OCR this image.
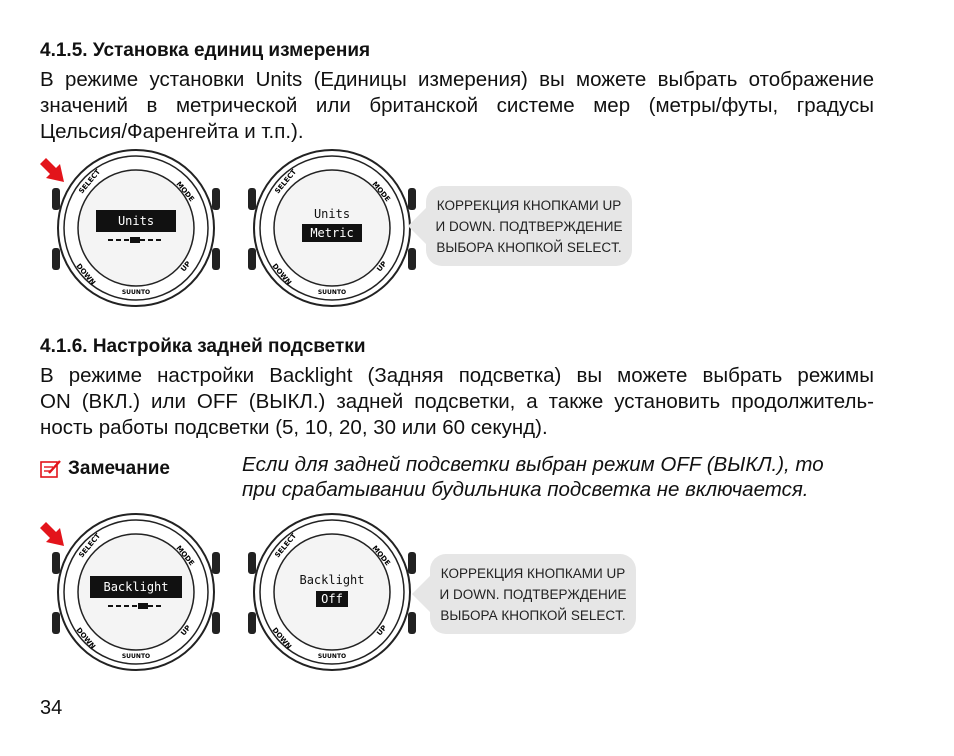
4.1.5. Установка единиц измерения

В режиме установки Units (Единицы измерения) вы можете выбрать отображение
значений в метрической или британской системе мер (метры/футы, градусы
Цельсия/Фаренгейта и т.п.).

SELECT	MODE
DOWN	UP
SUUNTO
Units
SELECT	MODE
DOWN	UP
SUUNTO
Units
Metric
КОРРЕКЦИЯ КНОПКАМИ UP
И DOWN. ПОДТВЕРЖДЕНИЕ
ВЫБОРА КНОПКОЙ SELECT.
4.1.6. Настройка задней подсветки

В режиме настройки Backlight (Задняя подсветка) вы можете выбрать режимы
ON (ВКЛ.) или OFF (ВЫКЛ.) задней подсветки, а также установить продолжитель-
ность работы подсветки (5, 10, 20, 30 или 60 секунд).

Замечание	Если для задней подсветки выбран режим OFF (ВЫКЛ.), то
при срабатывании будильника подсветка не включается.

SELECT	MODE
DOWN	UP
SUUNTO
Backlight
SELECT	MODE
DOWN	UP
SUUNTO
Backlight
Off
КОРРЕКЦИЯ КНОПКАМИ UP
И DOWN. ПОДТВЕРЖДЕНИЕ
ВЫБОРА КНОПКОЙ SELECT.
34
